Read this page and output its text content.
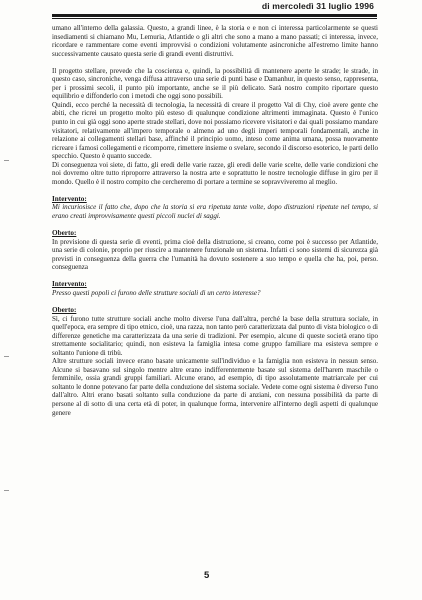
di mercoledì 31 luglio 1996

umano all'interno della galassia. Questo, a grandi linee, è la storia e e non ci interessa particolarmente se questi insediamenti si chiamano Mu, Lemuria, Atlantide o gli altri che sono a mano a mano passati; ci interessa, invece, ricordare e rammentare come eventi improvvisi o condizioni volutamente asincroniche all'estremo limite hanno successivamente causato questa serie di grandi eventi distruttivi.

Il progetto stellare, prevede che la coscienza e, quindi, la possibilità di mantenere aperte le strade; le strade, in questo caso, sincroniche, venga diffusa attraverso una serie di punti base e Damanhur, in questo senso, rappresenta, per i prossimi secoli, il punto più importante, anche se il più delicato. Sarà nostro compito riportare questo equilibrio e diffonderlo con i metodi che oggi sono possibili.

Quindi, ecco perché la necessità di tecnologia, la necessità di creare il progetto Val di Chy, cioè avere gente che abiti, che ricrei un progetto molto più esteso di qualunque condizione altrimenti immaginata. Questo è l'unico punto in cui già oggi sono aperte strade stellari, dove noi possiamo ricevere visitatori e dai quali possiamo mandare visitatori, relativamente all'impero temporale o almeno ad uno degli imperi temporali fondamentali, anche in relazione ai collegamenti stellari base, affinché il principio uomo, inteso come anima umana, possa nuovamente ricreare i famosi collegamenti e ricomporre, rimettere insieme o svelare, secondo il discorso esoterico, le parti dello specchio. Questo è quanto succede.

Di conseguenza voi siete, di fatto, gli eredi delle varie razze, gli eredi delle varie scelte, delle varie condizioni che noi dovremo oltre tutto riproporre attraverso la nostra arte e soprattutto le nostre tecnologie diffuse in giro per il mondo. Quello è il nostro compito che cercheremo di portare a termine se sopravviveremo al meglio.

Intervento:

Mi incuriosisce il fatto che, dopo che la storia si era ripetuta tante volte, dopo distruzioni ripetute nel tempo, si erano creati improvvisamente questi piccoli nuclei di saggi.

Oberto:

In previsione di questa serie di eventi, prima cioè della distruzione, si creano, come poi è successo per Atlantide, una serie di colonie, proprio per riuscire a mantenere funzionale un sistema. Infatti ci sono sistemi di sicurezza già previsti in conseguenza della guerra che l'umanità ha dovuto sostenere a suo tempo e quella che ha, poi, perso. conseguenza

Intervento:

Presso questi popoli ci furono delle strutture sociali di un certo interesse?

Oberto:

Sì, ci furono tutte strutture sociali anche molto diverse l'una dall'altra, perché la base della struttura sociale, in quell'epoca, era sempre di tipo etnico, cioè, una razza, non tanto però caratterizzata dal punto di vista biologico o di differenze genetiche ma caratterizzata da una serie di tradizioni. Per esempio, alcune di queste società erano tipo strettamente socialitario; quindi, non esisteva la famiglia intesa come gruppo familiare ma esisteva sempre e soltanto l'unione di tribù.

Altre strutture sociali invece erano basate unicamente sull'individuo e la famiglia non esisteva in nessun senso. Alcune si basavano sul singolo mentre altre erano indifferentemente basate sul sistema dell'harem maschile o femminile, ossia grandi gruppi familiari. Alcune erano, ad esempio, di tipo assolutamente matriarcale per cui soltanto le donne potevano far parte della conduzione del sistema sociale. Vedete come ogni sistema è diverso l'uno dall'altro. Altri erano basati soltanto sulla conduzione da parte di anziani, con nessuna possibilità da parte di persone al di sotto di una certa età di poter, in qualunque forma, intervenire all'interno degli aspetti di qualunque genere

5
